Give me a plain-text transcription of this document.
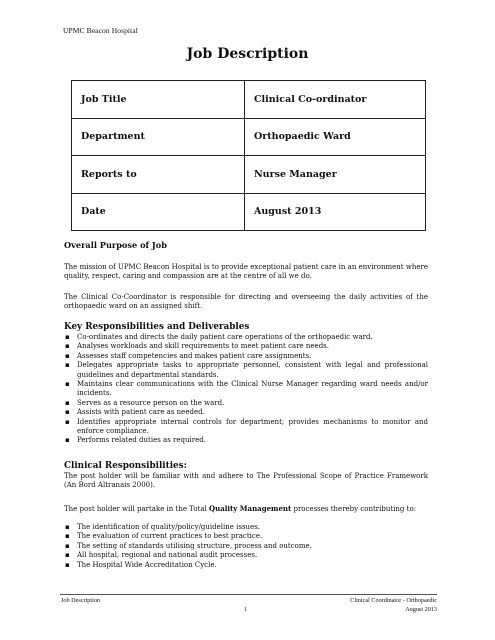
UPMC Beacon Hospital
Job Description
Job Title	Clinical Co-ordinator
Department	Orthopaedic Ward
Reports to	Nurse Manager
Date	August 2013
Overall Purpose of Job
The mission of UPMC Beacon Hospital is to provide exceptional patient care in an environment where quality, respect, caring and compassion are at the centre of all we do.
The Clinical Co-Coordinator is responsible for directing and overseeing the daily activities of the orthopaedic ward on an assigned shift.
Key Responsibilities and Deliverables
▪ Co-ordinates and directs the daily patient care operations of the orthopaedic ward.
▪ Analyses workloads and skill requirements to meet patient care needs.
▪ Assesses staff competencies and makes patient care assignments.
▪ Delegates appropriate tasks to appropriate personnel, consistent with legal and professional guidelines and departmental standards.
▪ Maintains clear communications with the Clinical Nurse Manager regarding ward needs and/or incidents.
▪ Serves as a resource person on the ward.
▪ Assists with patient care as needed.
▪ Identifies appropriate internal controls for department; provides mechanisms to monitor and enforce compliance.
▪ Performs related duties as required.
Clinical Responsibilities:
The post holder will be familiar with and adhere to The Professional Scope of Practice Framework (An Bord Altranais 2000).
The post holder will partake in the Total Quality Management processes thereby contributing to:
▪ The identification of quality/policy/guideline issues.
▪ The evaluation of current practices to best practice.
▪ The setting of standards utilising structure, process and outcome.
▪ All hospital, regional and national audit processes.
▪ The Hospital Wide Accreditation Cycle.
Job Description
1
Clinical Coordinator - Orthopaedic
August 2013
